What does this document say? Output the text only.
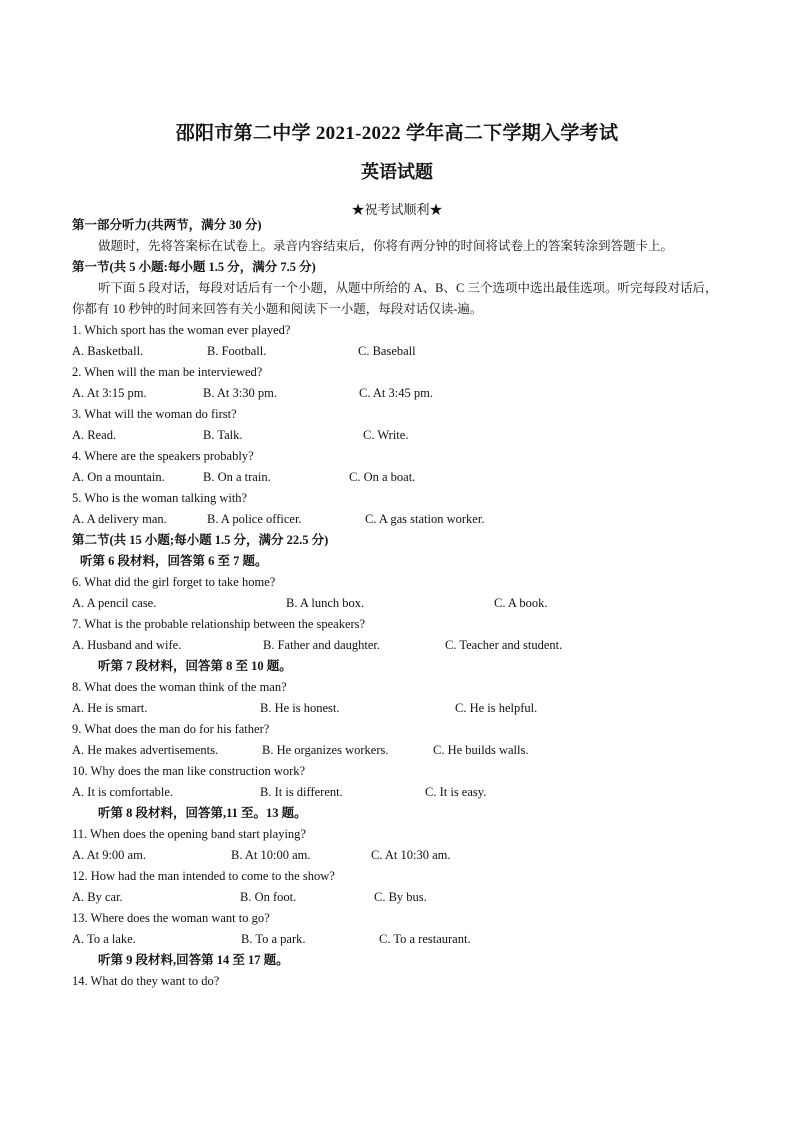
邵阳市第二中学 2021-2022 学年高二下学期入学考试
英语试题
★祝考试顺利★
第一部分听力(共两节，满分 30 分)
做题时，先将答案标在试卷上。录音内容结束后，你将有两分钟的时间将试卷上的答案转涂到答题卡上。
第一节(共 5 小题:每小题 1.5 分，满分 7.5 分)
听下面 5 段对话，每段对话后有一个小题，从题中所给的 A、B、C 三个选项中选出最佳选项。听完每段对话后，你都有 10 秒钟的时间来回答有关小题和阅读下一小题，每段对话仅读-遍。
1. Which sport has the woman ever played?
A. Basketball.	B. Football.	C. Baseball
2. When will the man be interviewed?
A. At 3:15 pm.	B. At 3:30 pm.	C. At 3:45 pm.
3. What will the woman do first?
A. Read.	B. Talk.	C. Write.
4. Where are the speakers probably?
A. On a mountain.	B. On a train.	C. On a boat.
5. Who is the woman talking with?
A. A delivery man.	B. A police officer.	C. A gas station worker.
第二节(共 15 小题;每小题 1.5 分，满分 22.5 分)
听第 6 段材料，回答第 6 至 7 题。
6. What did the girl forget to take home?
A. A pencil case.	B. A lunch box.	C. A book.
7. What is the probable relationship between the speakers?
A. Husband and wife.	B. Father and daughter.	C. Teacher and student.
听第 7 段材料，回答第 8 至 10 题。
8. What does the woman think of the man?
A. He is smart.	B. He is honest.	C. He is helpful.
9. What does the man do for his father?
A. He makes advertisements.	B. He organizes workers.	C. He builds walls.
10. Why does the man like construction work?
A. It is comfortable.	B. It is different.	C. It is easy.
听第 8 段材料，回答第,11 至。13 题。
11. When does the opening band start playing?
A. At 9:00 am.	B. At 10:00 am.	C. At 10:30 am.
12. How had the man intended to come to the show?
A. By car.	B. On foot.	C. By bus.
13. Where does the woman want to go?
A. To a lake.	B. To a park.	C. To a restaurant.
听第 9 段材料,回答第 14 至 17 题。
14. What do they want to do?
